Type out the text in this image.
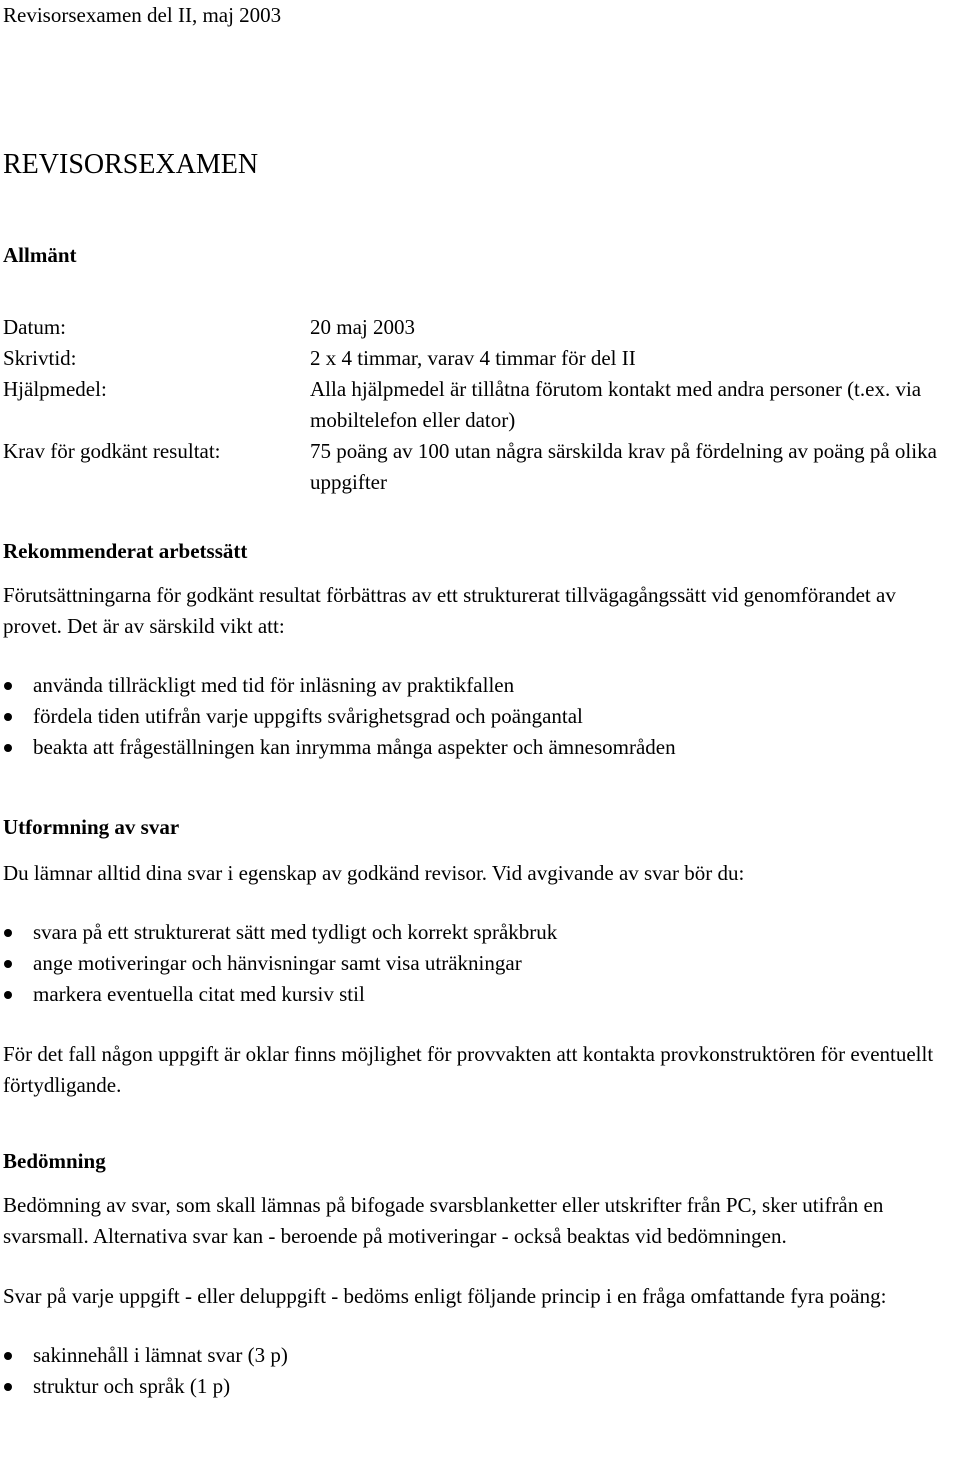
Revisorsexamen del II, maj 2003
REVISORSEXAMEN
Allmänt
Datum:	20 maj 2003
Skrivtid:	2 x 4 timmar, varav 4 timmar för del II
Hjälpmedel:	Alla hjälpmedel är tillåtna förutom kontakt med andra personer (t.ex. via mobiltelefon eller dator)
Krav för godkänt resultat:	75 poäng av 100 utan några särskilda krav på fördelning av poäng på olika uppgifter
Rekommenderat arbetssätt

Förutsättningarna för godkänt resultat förbättras av ett strukturerat tillvägagångssätt vid genomförandet av provet. Det är av särskild vikt att:

använda tillräckligt med tid för inläsning av praktikfallen
fördela tiden utifrån varje uppgifts svårighetsgrad och poängantal
beakta att frågeställningen kan inrymma många aspekter och ämnesområden
Utformning av svar

Du lämnar alltid dina svar i egenskap av godkänd revisor. Vid avgivande av svar bör du:

svara på ett strukturerat sätt med tydligt och korrekt språkbruk
ange motiveringar och hänvisningar samt visa uträkningar
markera eventuella citat med kursiv stil

För det fall någon uppgift är oklar finns möjlighet för provvakten att kontakta provkonstruktören för eventuellt förtydligande.

Bedömning

Bedömning av svar, som skall lämnas på bifogade svarsblanketter eller utskrifter från PC, sker utifrån en svarsmall. Alternativa svar kan - beroende på motiveringar - också beaktas vid bedömningen.

Svar på varje uppgift - eller deluppgift - bedöms enligt följande princip i en fråga omfattande fyra poäng:

sakinnehåll i lämnat svar (3 p)
struktur och språk (1 p)
